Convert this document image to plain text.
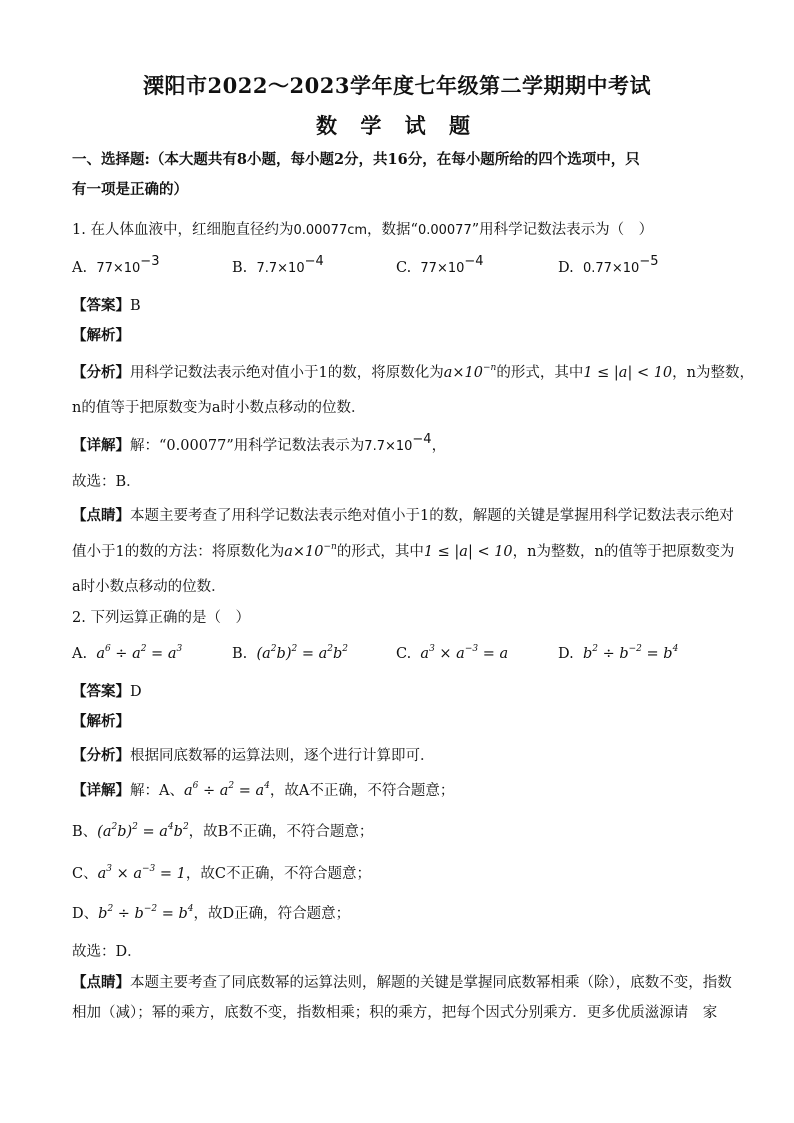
溧阳市2022～2023学年度七年级第二学期期中考试
数 学 试 题
一、选择题:（本大题共有8小题，每小题2分，共16分，在每小题所给的四个选项中，只
有一项是正确的）
1. 在人体血液中，红细胞直径约为0.00077cm，数据“0.00077”用科学记数法表示为（　）
A. $77\times 10^{-3}$	B. $7.7\times 10^{-4}$	C. $77\times 10^{-4}$	D. $0.77\times 10^{-5}$
【答案】B
【解析】
【分析】用科学记数法表示绝对值小于1的数，将原数化为$a\times 10^{-n}$的形式，其中1 ≤ |a| < 10，n为整数，
n的值等于把原数变为a时小数点移动的位数．
【详解】解：“0.00077”用科学记数法表示为$7.7\times 10^{-4}$，
故选：B．
【点睛】本题主要考查了用科学记数法表示绝对值小于1的数，解题的关键是掌握用科学记数法表示绝对
值小于1的数的方法：将原数化为$a\times 10^{-n}$的形式，其中1 ≤ |a| < 10，n为整数，n的值等于把原数变为
a时小数点移动的位数．
2. 下列运算正确的是（　）
A. $a^6 \div a^2 = a^3$	B. $(a^2b)^2 = a^2b^2$	C. $a^3 \times a^{-3} = a$	D. $b^2 \div b^{-2} = b^4$
【答案】D
【解析】
【分析】根据同底数幂的运算法则，逐个进行计算即可．
【详解】解：A、$a^6 \div a^2 = a^4$，故A不正确，不符合题意；
B、$(a^2b)^2 = a^4b^2$，故B不正确，不符合题意；
C、$a^3 \times a^{-3} = 1$，故C不正确，不符合题意；
D、$b^2 \div b^{-2} = b^4$，故D正确，符合题意；
故选：D．
【点睛】本题主要考查了同底数幂的运算法则，解题的关键是掌握同底数幂相乘（除），底数不变，指数
相加（减）；幂的乘方，底数不变，指数相乘；积的乘方，把每个因式分别乘方．更多优质滋源请　家
